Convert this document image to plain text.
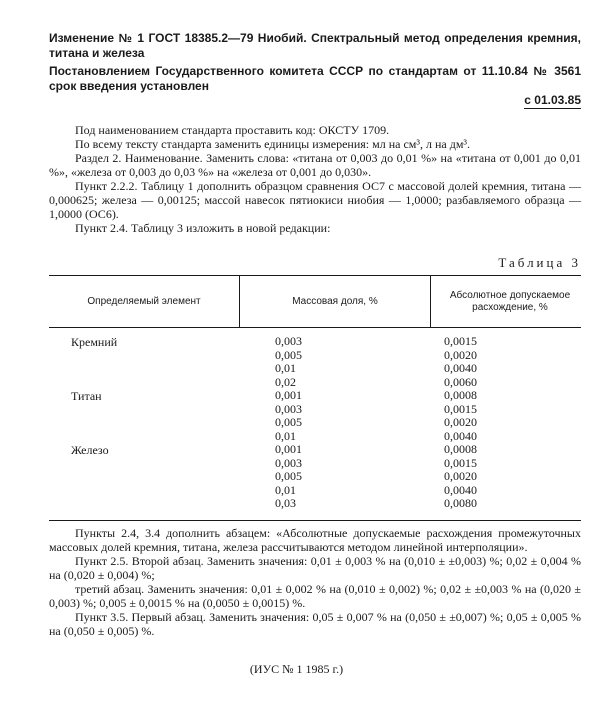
Изменение № 1 ГОСТ 18385.2—79 Ниобий. Спектральный метод определения кремния, титана и железа
Постановлением Государственного комитета СССР по стандартам от 11.10.84 № 3561 срок введения установлен
с 01.03.85

Под наименованием стандарта проставить код: ОКСТУ 1709.

По всему тексту стандарта заменить единицы измерения: мл на см³, л на дм³.

Раздел 2. Наименование. Заменить слова: «титана от 0,003 до 0,01 %» на «титана от 0,001 до 0,01 %», «железа от 0,003 до 0,03 %» на «железа от 0,001 до 0,030».

Пункт 2.2.2. Таблицу 1 дополнить образцом сравнения ОС7 с массовой долей кремния, титана — 0,000625; железа — 0,00125; массой навесок пятиокиси ниобия — 1,0000; разбавляемого образца — 1,0000 (ОС6).

Пункт 2.4. Таблицу 3 изложить в новой редакции:

Таблица 3
Определяемый элемент	Массовая доля, %
Абсолютное допускаемое расхождение, %
Кремний
Титан
Железо
0,003
0,005
0,01
0,02
0,001
0,003
0,005
0,01
0,001
0,003
0,005
0,01
0,03
0,0015
0,0020
0,0040
0,0060
0,0008
0,0015
0,0020
0,0040
0,0008
0,0015
0,0020
0,0040
0,0080

Пункты 2.4, 3.4 дополнить абзацем: «Абсолютные допускаемые расхождения промежуточных массовых долей кремния, титана, железа рассчитываются методом линейной интерполяции».

Пункт 2.5. Второй абзац. Заменить значения: 0,01 ± 0,003 % на (0,010 ± ±0,003) %; 0,02 ± 0,004 % на (0,020 ± 0,004) %;

третий абзац. Заменить значения: 0,01 ± 0,002 % на (0,010 ± 0,002) %; 0,02 ± ±0,003 % на (0,020 ± 0,003) %; 0,005 ± 0,0015 % на (0,0050 ± 0,0015) %.

Пункт 3.5. Первый абзац. Заменить значения: 0,05 ± 0,007 % на (0,050 ± ±0,007) %; 0,05 ± 0,005 % на (0,050 ± 0,005) %.

(ИУС № 1 1985 г.)
